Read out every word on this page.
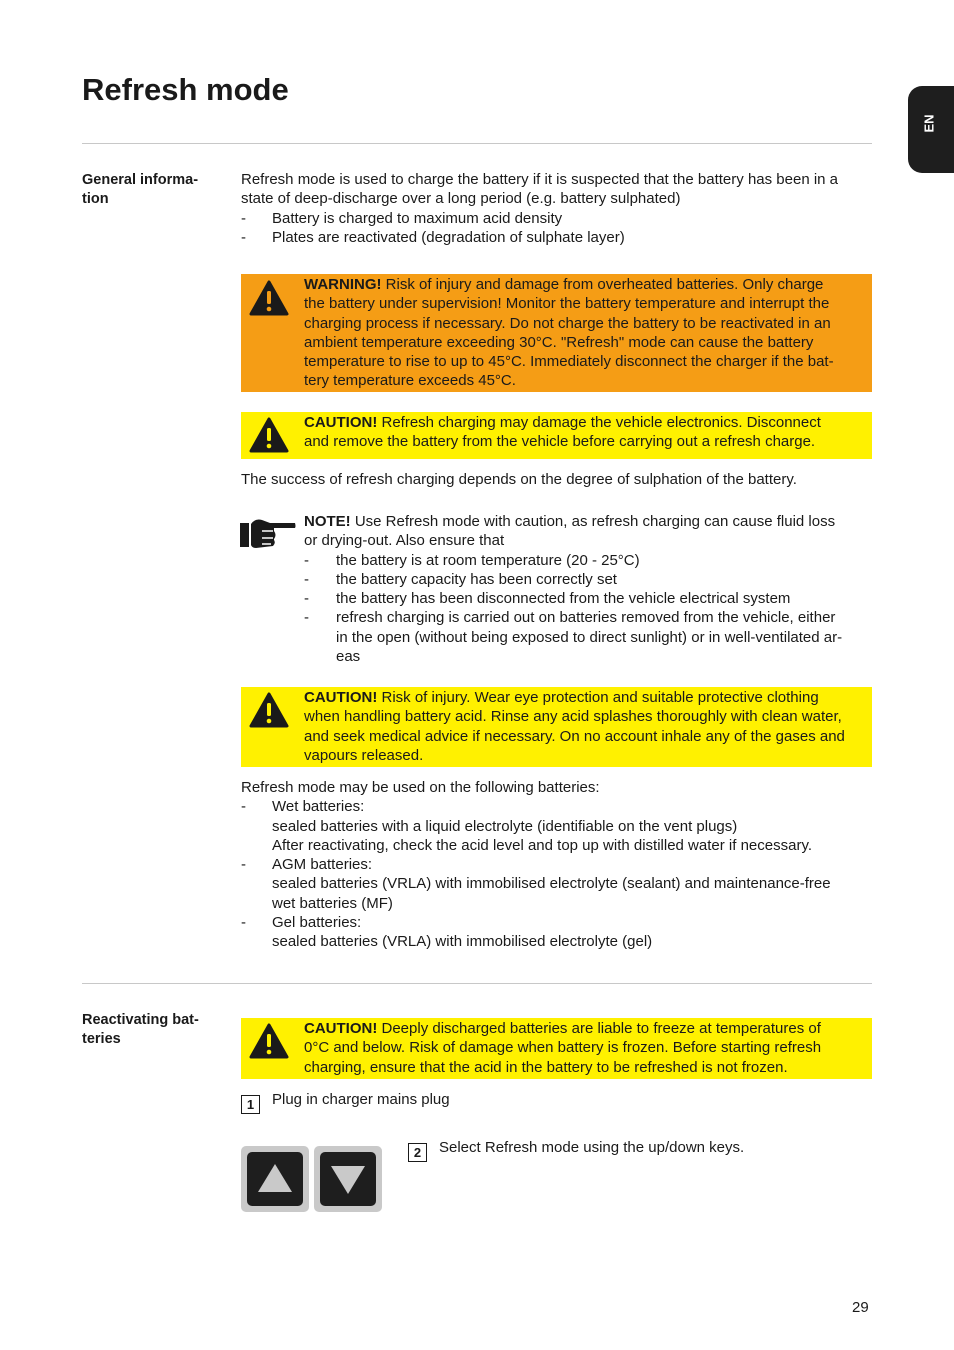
Refresh mode
EN
General informa-
tion
Refresh mode is used to charge the battery if it is suspected that the battery has been in a
state of deep-discharge over a long period (e.g. battery sulphated)
- Battery is charged to maximum acid density
- Plates are reactivated (degradation of sulphate layer)
WARNING! Risk of injury and damage from overheated batteries. Only charge
the battery under supervision! Monitor the battery temperature and interrupt the
charging process if necessary. Do not charge the battery to be reactivated in an
ambient temperature exceeding 30°C. "Refresh" mode can cause the battery
temperature to rise to up to 45°C. Immediately disconnect the charger if the bat-
tery temperature exceeds 45°C.
CAUTION! Refresh charging may damage the vehicle electronics. Disconnect
and remove the battery from the vehicle before carrying out a refresh charge.
The success of refresh charging depends on the degree of sulphation of the battery.
NOTE! Use Refresh mode with caution, as refresh charging can cause fluid loss
or drying-out. Also ensure that
- the battery is at room temperature (20 - 25°C)
- the battery capacity has been correctly set
- the battery has been disconnected from the vehicle electrical system
- refresh charging is carried out on batteries removed from the vehicle, either
in the open (without being exposed to direct sunlight) or in well-ventilated ar-
eas
CAUTION! Risk of injury. Wear eye protection and suitable protective clothing
when handling battery acid. Rinse any acid splashes thoroughly with clean water,
and seek medical advice if necessary. On no account inhale any of the gases and
vapours released.
Refresh mode may be used on the following batteries:
- Wet batteries:
sealed batteries with a liquid electrolyte (identifiable on the vent plugs)
After reactivating, check the acid level and top up with distilled water if necessary.
- AGM batteries:
sealed batteries (VRLA) with immobilised electrolyte (sealant) and maintenance-free
wet batteries (MF)
- Gel batteries:
sealed batteries (VRLA) with immobilised electrolyte (gel)
Reactivating bat-
teries
CAUTION! Deeply discharged batteries are liable to freeze at temperatures of
0°C and below. Risk of damage when battery is frozen. Before starting refresh
charging, ensure that the acid in the battery to be refreshed is not frozen.
1	Plug in charger mains plug
2	Select Refresh mode using the up/down keys.
29
